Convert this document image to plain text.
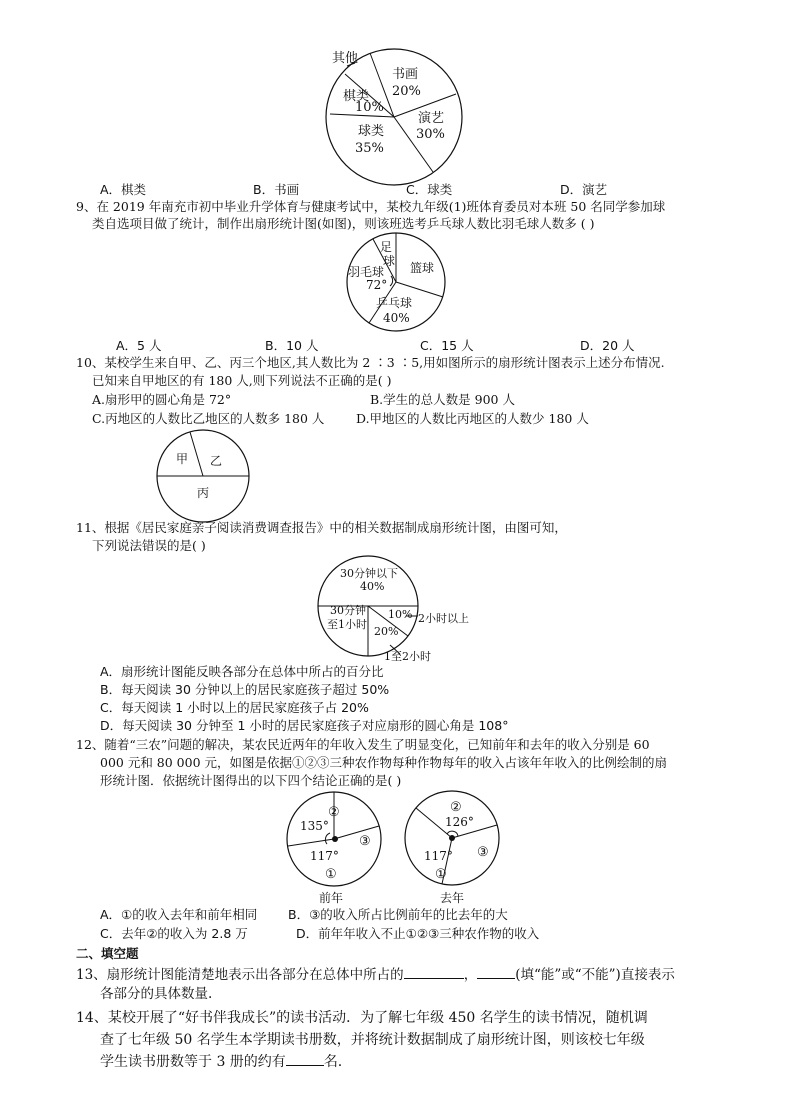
其他
书画
20%
棋类
10%
演艺
30%
球类
35%
A．棋类	B．书画	C．球类	D．演艺
9、在 2019 年南充市初中毕业升学体育与健康考试中，某校九年级(1)班体育委员对本班 50 名同学参加球
类自选项目做了统计，制作出扇形统计图(如图)，则该班选考乒乓球人数比羽毛球人数多 ( )
足
球 篮球
羽毛球
72°
乒乓球
40%
A．5 人	B．10 人	C．15 人	D．20 人
10、某校学生来自甲、乙、丙三个地区,其人数比为 2 ∶3 ∶5,用如图所示的扇形统计图表示上述分布情况.
已知来自甲地区的有 180 人,则下列说法不正确的是( )
A.扇形甲的圆心角是 72°	B.学生的总人数是 900 人
C.丙地区的人数比乙地区的人数多 180 人	D.甲地区的人数比丙地区的人数少 180 人
甲 乙
丙
11、根据《居民家庭亲子阅读消费调查报告》中的相关数据制成扇形统计图，由图可知，
下列说法错误的是( )
30分钟以下
40%
30分钟
至1小时
10% 2小时以上
20%
1至2小时
A．扇形统计图能反映各部分在总体中所占的百分比
B．每天阅读 30 分钟以上的居民家庭孩子超过 50%
C．每天阅读 1 小时以上的居民家庭孩子占 20%
D．每天阅读 30 分钟至 1 小时的居民家庭孩子对应扇形的圆心角是 108°
12、随着“三农”问题的解决，某农民近两年的年收入发生了明显变化，已知前年和去年的收入分别是 60
000 元和 80 000 元，如图是依据①②③三种农作物每种作物每年的收入占该年年收入的比例绘制的扇
形统计图．依据统计图得出的以下四个结论正确的是( )
②
135°
③
117°
①
前年
②
126°
③
117°
①
去年
A．①的收入去年和前年相同 B．③的收入所占比例前年的比去年的大
C．去年②的收入为 2.8 万	D．前年年收入不止①②③三种农作物的收入
二、填空题
13、扇形统计图能清楚地表示出各部分在总体中所占的	，	(填“能”或“不能”)直接表示
各部分的具体数量.
14、某校开展了“好书伴我成长”的读书活动．为了解七年级 450 名学生的读书情况，随机调
查了七年级 50 名学生本学期读书册数，并将统计数据制成了扇形统计图，则该校七年级
学生读书册数等于 3 册的约有	名.
